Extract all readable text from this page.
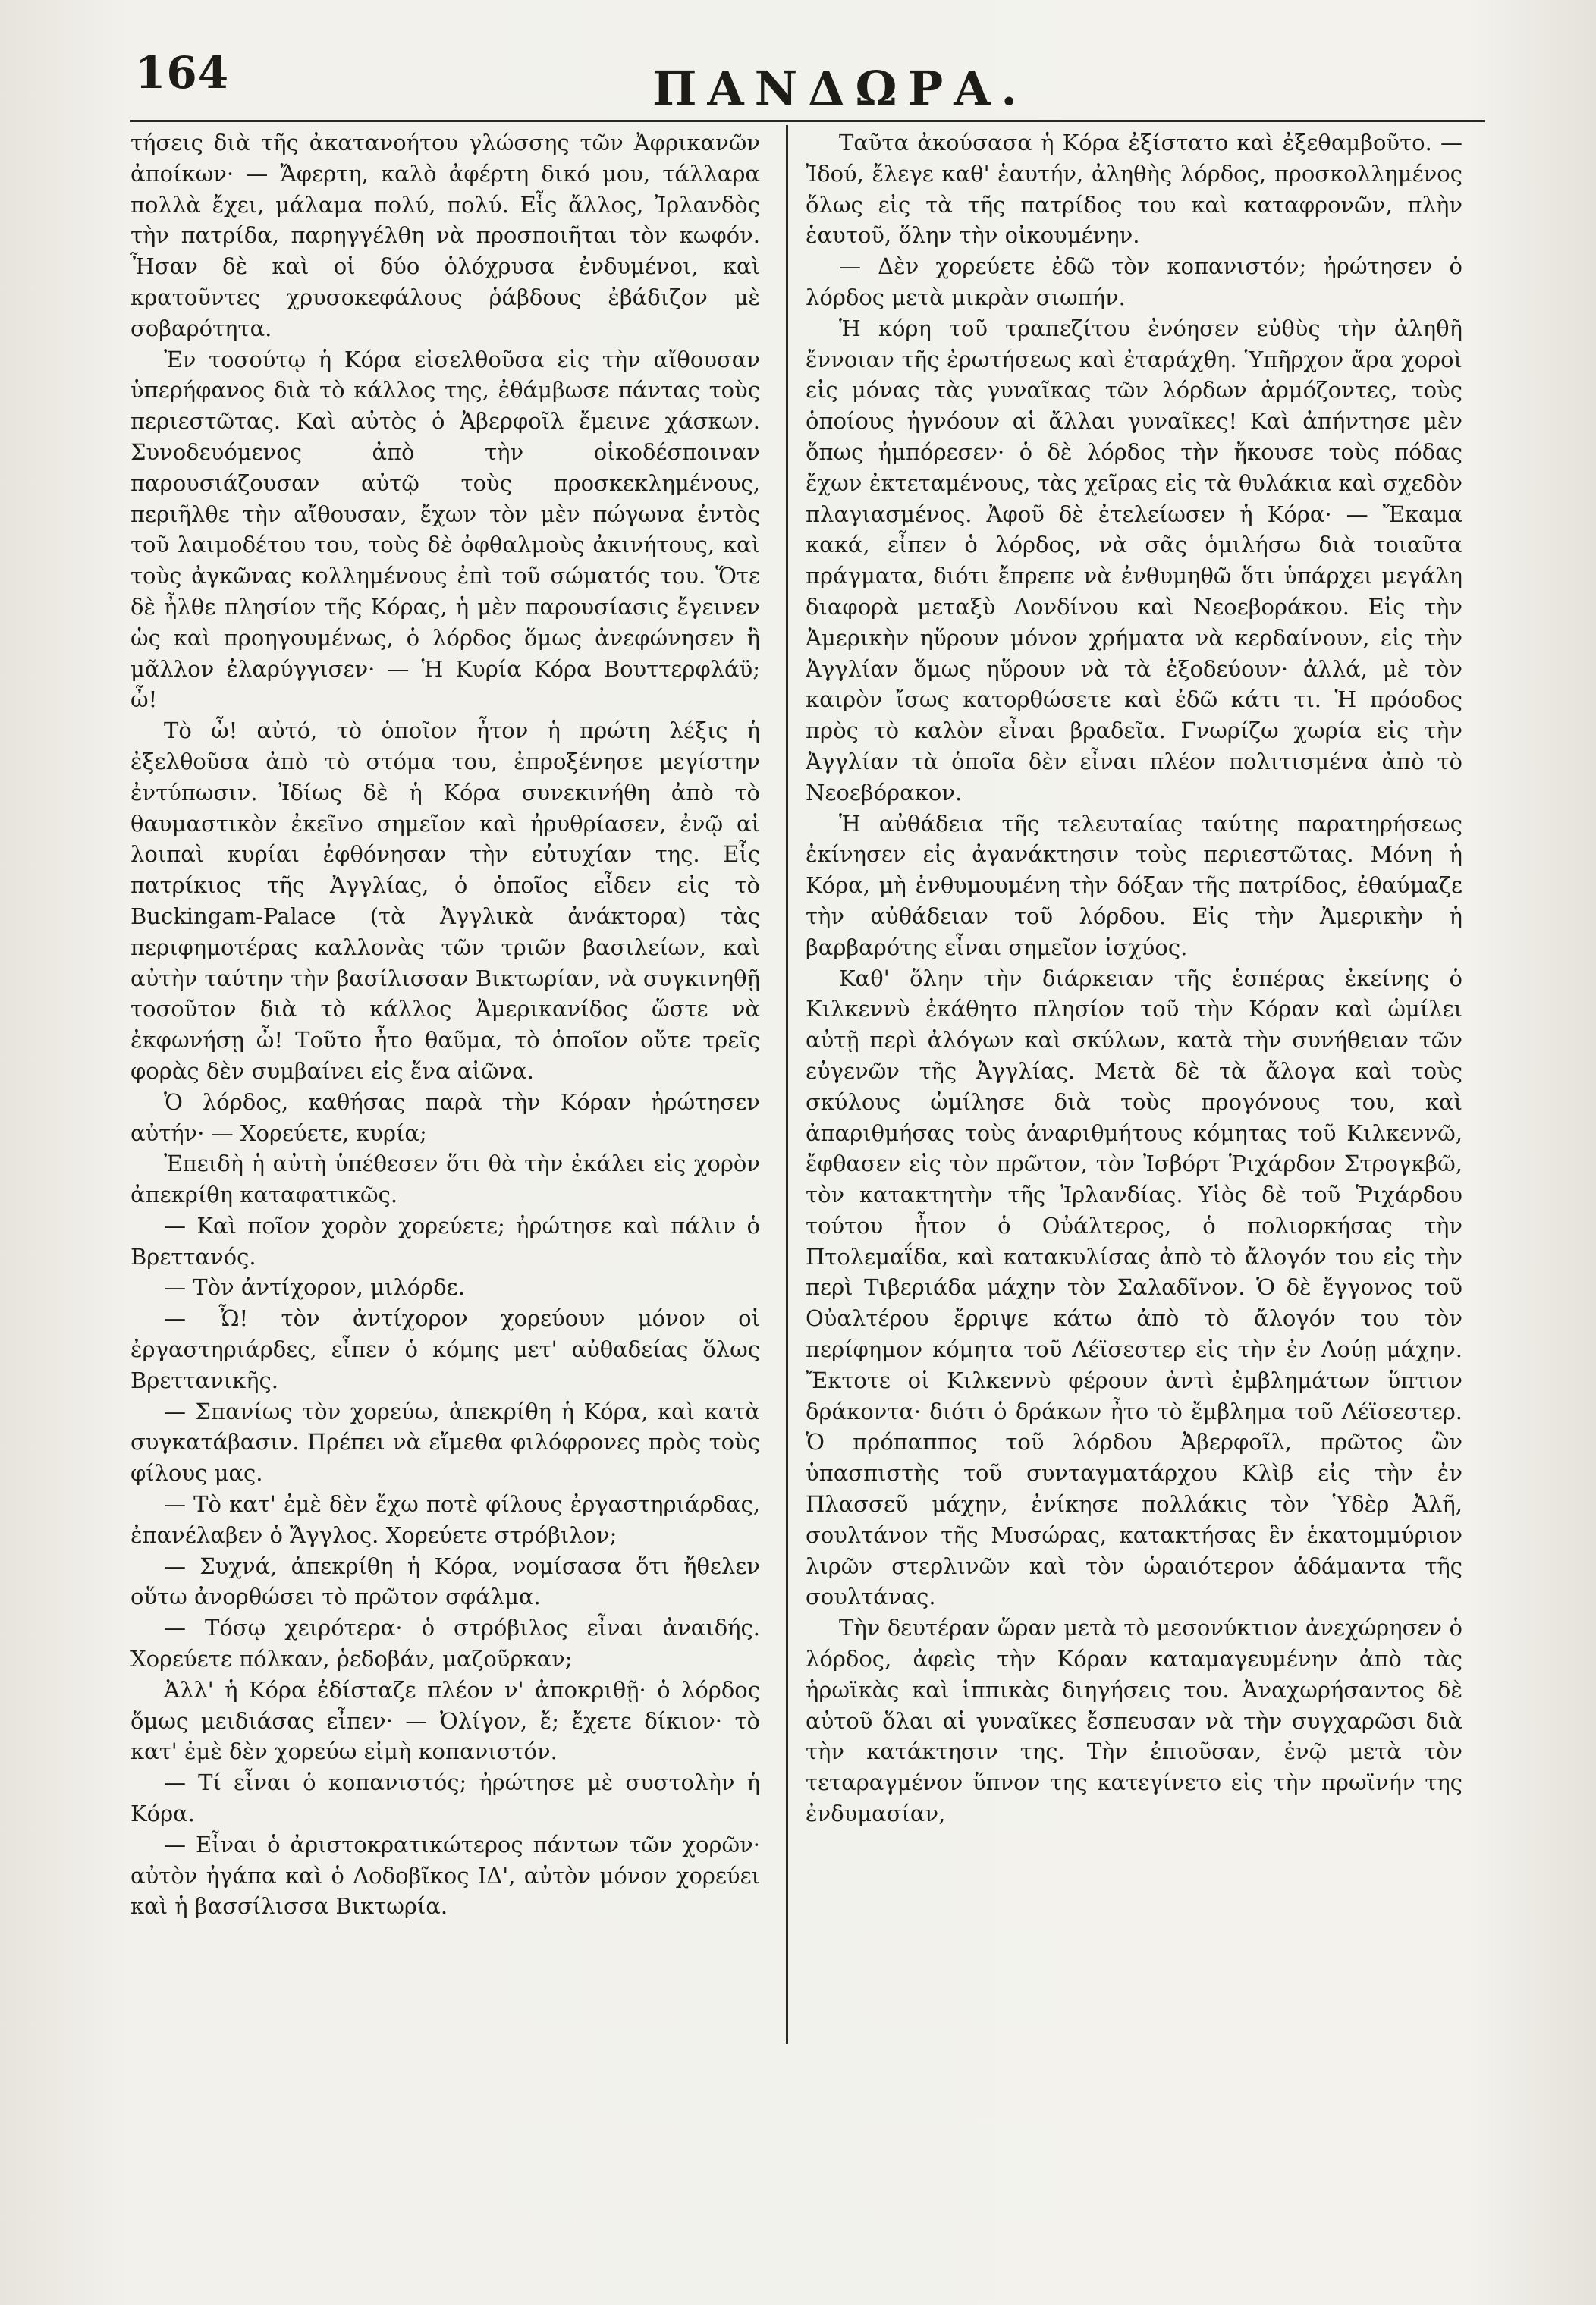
164	ΠΑΝΔΩΡΑ.

τήσεις διὰ τῆς ἀκατανοήτου γλώσσης τῶν Ἀφρικανῶν ἀποίκων· — Ἄφερτη, καλὸ ἀφέρτη δικό μου, τάλλαρα πολλὰ ἔχει, μάλαμα πολύ, πολύ. Εἷς ἄλλος, Ἰρλανδὸς τὴν πατρίδα, παρηγγέλθη νὰ προσποιῆται τὸν κωφόν. Ἦσαν δὲ καὶ οἱ δύο ὁλόχρυσα ἐνδυμένοι, καὶ κρατοῦντες χρυσοκεφάλους ῥάβδους ἐβάδιζον μὲ σοβαρότητα.

Ἐν τοσούτῳ ἡ Κόρα εἰσελθοῦσα εἰς τὴν αἴθουσαν ὑπερήφανος διὰ τὸ κάλλος της, ἐθάμβωσε πάντας τοὺς περιεστῶτας. Καὶ αὐτὸς ὁ Ἀβερφοῖλ ἔμεινε χάσκων. Συνοδευόμενος ἀπὸ τὴν οἰκοδέσποιναν παρουσιάζουσαν αὐτῷ τοὺς προσκεκλημένους, περιῆλθε τὴν αἴθουσαν, ἔχων τὸν μὲν πώγωνα ἐντὸς τοῦ λαιμοδέτου του, τοὺς δὲ ὀφθαλμοὺς ἀκινήτους, καὶ τοὺς ἀγκῶνας κολλημένους ἐπὶ τοῦ σώματός του. Ὅτε δὲ ἦλθε πλησίον τῆς Κόρας, ἡ μὲν παρουσίασις ἔγεινεν ὡς καὶ προηγουμένως, ὁ λόρδος ὅμως ἀνεφώνησεν ἢ μᾶλλον ἐλαρύγγισεν· — Ἡ Κυρία Κόρα Βουττερφλάϋ; ὦ!

Τὸ ὦ! αὐτό, τὸ ὁποῖον ἦτον ἡ πρώτη λέξις ἡ ἐξελθοῦσα ἀπὸ τὸ στόμα του, ἐπροξένησε μεγίστην ἐντύπωσιν. Ἰδίως δὲ ἡ Κόρα συνεκινήθη ἀπὸ τὸ θαυμαστικὸν ἐκεῖνο σημεῖον καὶ ἠρυθρίασεν, ἐνῷ αἱ λοιπαὶ κυρίαι ἐφθόνησαν τὴν εὐτυχίαν της. Εἷς πατρίκιος τῆς Ἀγγλίας, ὁ ὁποῖος εἶδεν εἰς τὸ Buckingam-Palace (τὰ Ἀγγλικὰ ἀνάκτορα) τὰς περιφημοτέρας καλλονὰς τῶν τριῶν βασιλείων, καὶ αὐτὴν ταύτην τὴν βασίλισσαν Βικτωρίαν, νὰ συγκινηθῇ τοσοῦτον διὰ τὸ κάλλος Ἀμερικανίδος ὥστε νὰ ἐκφωνήσῃ ὦ! Τοῦτο ἦτο θαῦμα, τὸ ὁποῖον οὔτε τρεῖς φορὰς δὲν συμβαίνει εἰς ἕνα αἰῶνα.

Ὁ λόρδος, καθήσας παρὰ τὴν Κόραν ἠρώτησεν αὐτήν· — Χορεύετε, κυρία;

Ἐπειδὴ ἡ αὐτὴ ὑπέθεσεν ὅτι θὰ τὴν ἐκάλει εἰς χορὸν ἀπεκρίθη καταφατικῶς.

— Καὶ ποῖον χορὸν χορεύετε; ἠρώτησε καὶ πάλιν ὁ Βρεττανός.

— Τὸν ἀντίχορον, μιλόρδε.

— Ὦ! τὸν ἀντίχορον χορεύουν μόνον οἱ ἐργαστηριάρδες, εἶπεν ὁ κόμης μετ' αὐθαδείας ὅλως Βρεττανικῆς.

— Σπανίως τὸν χορεύω, ἀπεκρίθη ἡ Κόρα, καὶ κατὰ συγκατάβασιν. Πρέπει νὰ εἴμεθα φιλόφρονες πρὸς τοὺς φίλους μας.

— Τὸ κατ' ἐμὲ δὲν ἔχω ποτὲ φίλους ἐργαστηριάρδας, ἐπανέλαβεν ὁ Ἄγγλος. Χορεύετε στρόβιλον;

— Συχνά, ἀπεκρίθη ἡ Κόρα, νομίσασα ὅτι ἤθελεν οὕτω ἀνορθώσει τὸ πρῶτον σφάλμα.

— Τόσῳ χειρότερα· ὁ στρόβιλος εἶναι ἀναιδής. Χορεύετε πόλκαν, ῥεδοβάν, μαζοῦρκαν;

Ἀλλ' ἡ Κόρα ἐδίσταζε πλέον ν' ἀποκριθῇ· ὁ λόρδος ὅμως μειδιάσας εἶπεν· — Ὀλίγον, ἔ; ἔχετε δίκιον· τὸ κατ' ἐμὲ δὲν χορεύω εἰμὴ κοπανιστόν.

— Τί εἶναι ὁ κοπανιστός; ἠρώτησε μὲ συστολὴν ἡ Κόρα.

— Εἶναι ὁ ἀριστοκρατικώτερος πάντων τῶν χορῶν· αὐτὸν ἠγάπα καὶ ὁ Λοδοβῖκος ΙΔ', αὐτὸν μόνον χορεύει καὶ ἡ βασσίλισσα Βικτωρία.

Ταῦτα ἀκούσασα ἡ Κόρα ἐξίστατο καὶ ἐξεθαμβοῦτο. — Ἰδού, ἔλεγε καθ' ἑαυτήν, ἀληθὴς λόρδος, προσκολλημένος ὅλως εἰς τὰ τῆς πατρίδος του καὶ καταφρονῶν, πλὴν ἑαυτοῦ, ὅλην τὴν οἰκουμένην.

— Δὲν χορεύετε ἐδῶ τὸν κοπανιστόν; ἠρώτησεν ὁ λόρδος μετὰ μικρὰν σιωπήν.

Ἡ κόρη τοῦ τραπεζίτου ἐνόησεν εὐθὺς τὴν ἀληθῆ ἔννοιαν τῆς ἐρωτήσεως καὶ ἐταράχθη. Ὑπῆρχον ἄρα χοροὶ εἰς μόνας τὰς γυναῖκας τῶν λόρδων ἁρμόζοντες, τοὺς ὁποίους ἠγνόουν αἱ ἄλλαι γυναῖκες! Καὶ ἀπήντησε μὲν ὅπως ἠμπόρεσεν· ὁ δὲ λόρδος τὴν ἤκουσε τοὺς πόδας ἔχων ἐκτεταμένους, τὰς χεῖρας εἰς τὰ θυλάκια καὶ σχεδὸν πλαγιασμένος. Ἀφοῦ δὲ ἐτελείωσεν ἡ Κόρα· — Ἔκαμα κακά, εἶπεν ὁ λόρδος, νὰ σᾶς ὁμιλήσω διὰ τοιαῦτα πράγματα, διότι ἔπρεπε νὰ ἐνθυμηθῶ ὅτι ὑπάρχει μεγάλη διαφορὰ μεταξὺ Λονδίνου καὶ Νεοεβοράκου. Εἰς τὴν Ἀμερικὴν ηὕρουν μόνον χρήματα νὰ κερδαίνουν, εἰς τὴν Ἀγγλίαν ὅμως ηὕρουν νὰ τὰ ἐξοδεύουν· ἀλλά, μὲ τὸν καιρὸν ἴσως κατορθώσετε καὶ ἐδῶ κάτι τι. Ἡ πρόοδος πρὸς τὸ καλὸν εἶναι βραδεῖα. Γνωρίζω χωρία εἰς τὴν Ἀγγλίαν τὰ ὁποῖα δὲν εἶναι πλέον πολιτισμένα ἀπὸ τὸ Νεοεβόρακον.

Ἡ αὐθάδεια τῆς τελευταίας ταύτης παρατηρήσεως ἐκίνησεν εἰς ἀγανάκτησιν τοὺς περιεστῶτας. Μόνη ἡ Κόρα, μὴ ἐνθυμουμένη τὴν δόξαν τῆς πατρίδος, ἐθαύμαζε τὴν αὐθάδειαν τοῦ λόρδου. Εἰς τὴν Ἀμερικὴν ἡ βαρβαρότης εἶναι σημεῖον ἰσχύος.

Καθ' ὅλην τὴν διάρκειαν τῆς ἑσπέρας ἐκείνης ὁ Κιλκεννὺ ἐκάθητο πλησίον τοῦ τὴν Κόραν καὶ ὡμίλει αὐτῇ περὶ ἀλόγων καὶ σκύλων, κατὰ τὴν συνήθειαν τῶν εὐγενῶν τῆς Ἀγγλίας. Μετὰ δὲ τὰ ἄλογα καὶ τοὺς σκύλους ὡμίλησε διὰ τοὺς προγόνους του, καὶ ἀπαριθμήσας τοὺς ἀναριθμήτους κόμητας τοῦ Κιλκεννῶ, ἔφθασεν εἰς τὸν πρῶτον, τὸν Ἰσβόρτ Ῥιχάρδον Στρογκβῶ, τὸν κατακτητὴν τῆς Ἰρλανδίας. Υἱὸς δὲ τοῦ Ῥιχάρδου τούτου ἦτον ὁ Οὐάλτερος, ὁ πολιορκήσας τὴν Πτολεμαΐδα, καὶ κατακυλίσας ἀπὸ τὸ ἄλογόν του εἰς τὴν περὶ Τιβεριάδα μάχην τὸν Σαλαδῖνον. Ὁ δὲ ἔγγονος τοῦ Οὐαλτέρου ἔρριψε κάτω ἀπὸ τὸ ἄλογόν του τὸν περίφημον κόμητα τοῦ Λέϊσεστερ εἰς τὴν ἐν Λούῃ μάχην. Ἔκτοτε οἱ Κιλκεννὺ φέρουν ἀντὶ ἐμβλημάτων ὕπτιον δράκοντα· διότι ὁ δράκων ἦτο τὸ ἔμβλημα τοῦ Λέϊσεστερ. Ὁ πρόπαππος τοῦ λόρδου Ἀβερφοῖλ, πρῶτος ὢν ὑπασπιστὴς τοῦ συνταγματάρχου Κλὶβ εἰς τὴν ἐν Πλασσεῦ μάχην, ἐνίκησε πολλάκις τὸν Ὑδὲρ Ἀλῆ, σουλτάνον τῆς Μυσώρας, κατακτήσας ἓν ἑκατομμύριον λιρῶν στερλινῶν καὶ τὸν ὡραιότερον ἀδάμαντα τῆς σουλτάνας.

Τὴν δευτέραν ὥραν μετὰ τὸ μεσονύκτιον ἀνεχώρησεν ὁ λόρδος, ἀφεὶς τὴν Κόραν καταμαγευμένην ἀπὸ τὰς ἡρωϊκὰς καὶ ἱππικὰς διηγήσεις του. Ἀναχωρήσαντος δὲ αὐτοῦ ὅλαι αἱ γυναῖκες ἔσπευσαν νὰ τὴν συγχαρῶσι διὰ τὴν κατάκτησιν της. Τὴν ἐπιοῦσαν, ἐνῷ μετὰ τὸν τεταραγμένον ὕπνον της κατεγίνετο εἰς τὴν πρωϊνήν της ἐνδυμασίαν,
